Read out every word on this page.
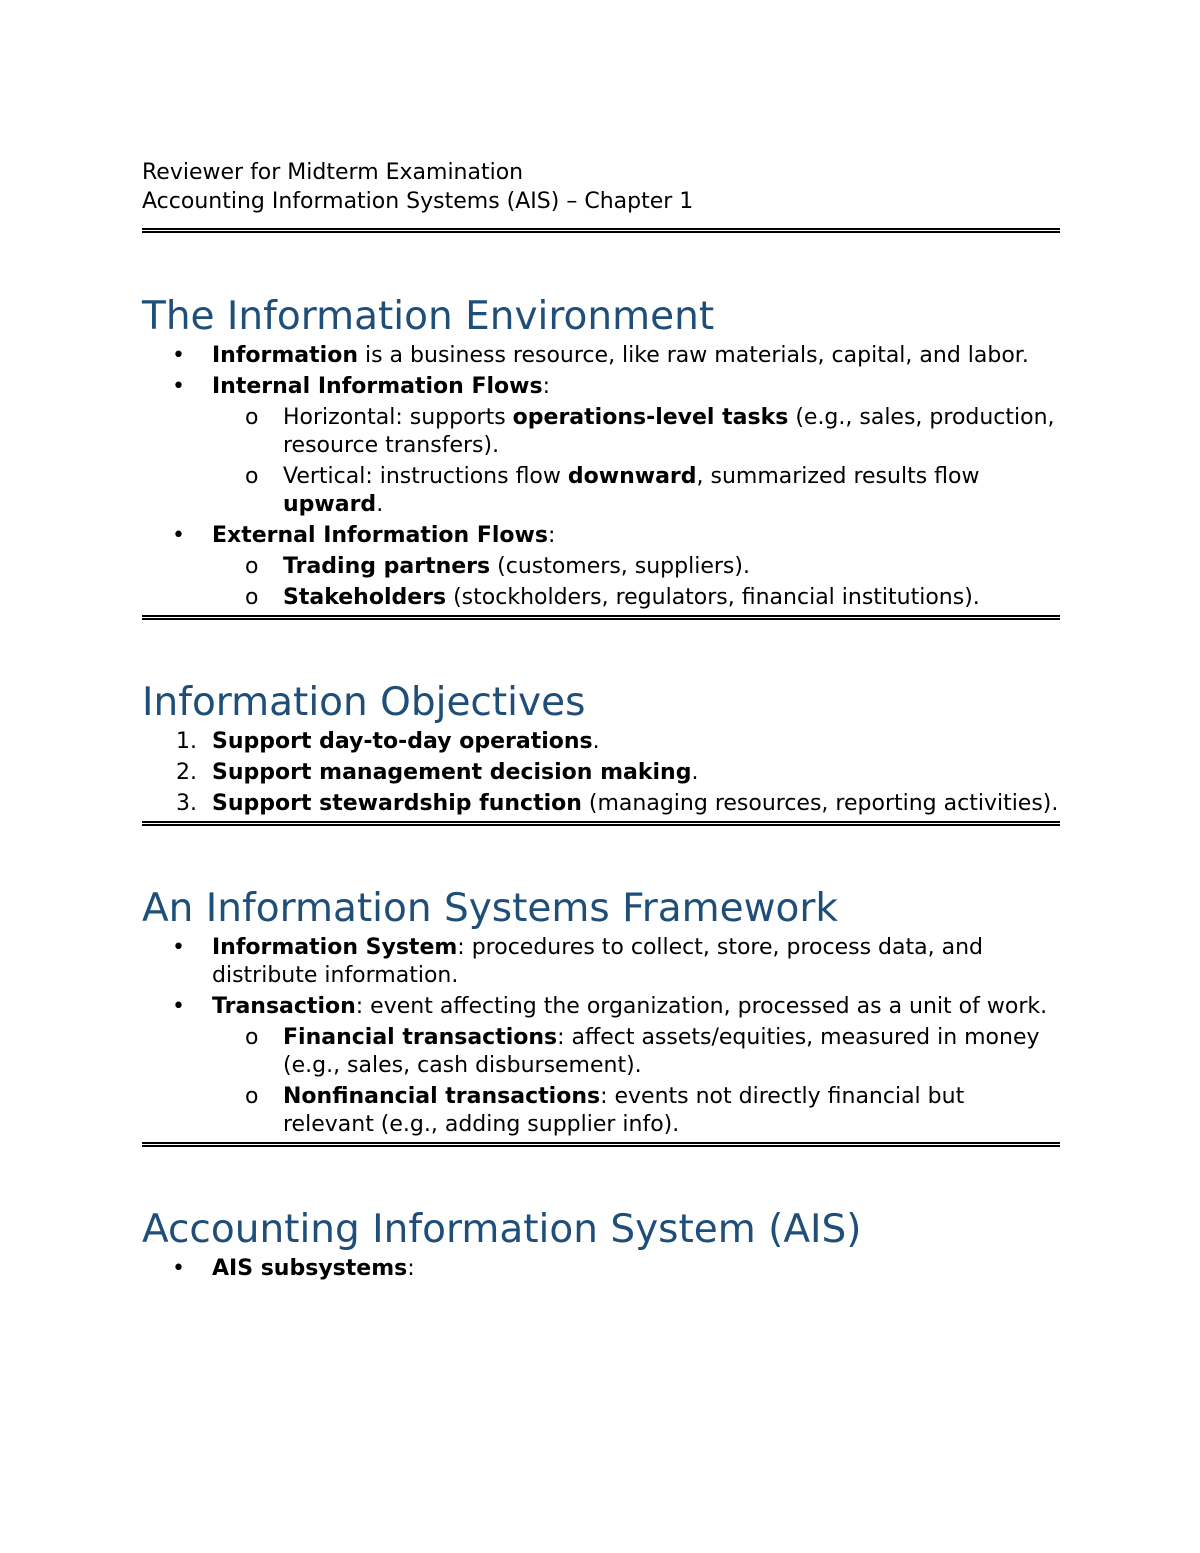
Reviewer for Midterm Examination
Accounting Information Systems (AIS) – Chapter 1
The Information Environment
• Information is a business resource, like raw materials, capital, and labor.
• Internal Information Flows:
o Horizontal: supports operations-level tasks (e.g., sales, production, resource transfers).
o Vertical: instructions flow downward, summarized results flow upward.
• External Information Flows:
o Trading partners (customers, suppliers).
o Stakeholders (stockholders, regulators, financial institutions).
Information Objectives
1. Support day-to-day operations.
2. Support management decision making.
3. Support stewardship function (managing resources, reporting activities).
An Information Systems Framework
• Information System: procedures to collect, store, process data, and distribute information.
• Transaction: event affecting the organization, processed as a unit of work.
o Financial transactions: affect assets/equities, measured in money (e.g., sales, cash disbursement).
o Nonfinancial transactions: events not directly financial but relevant (e.g., adding supplier info).
Accounting Information System (AIS)
• AIS subsystems:
